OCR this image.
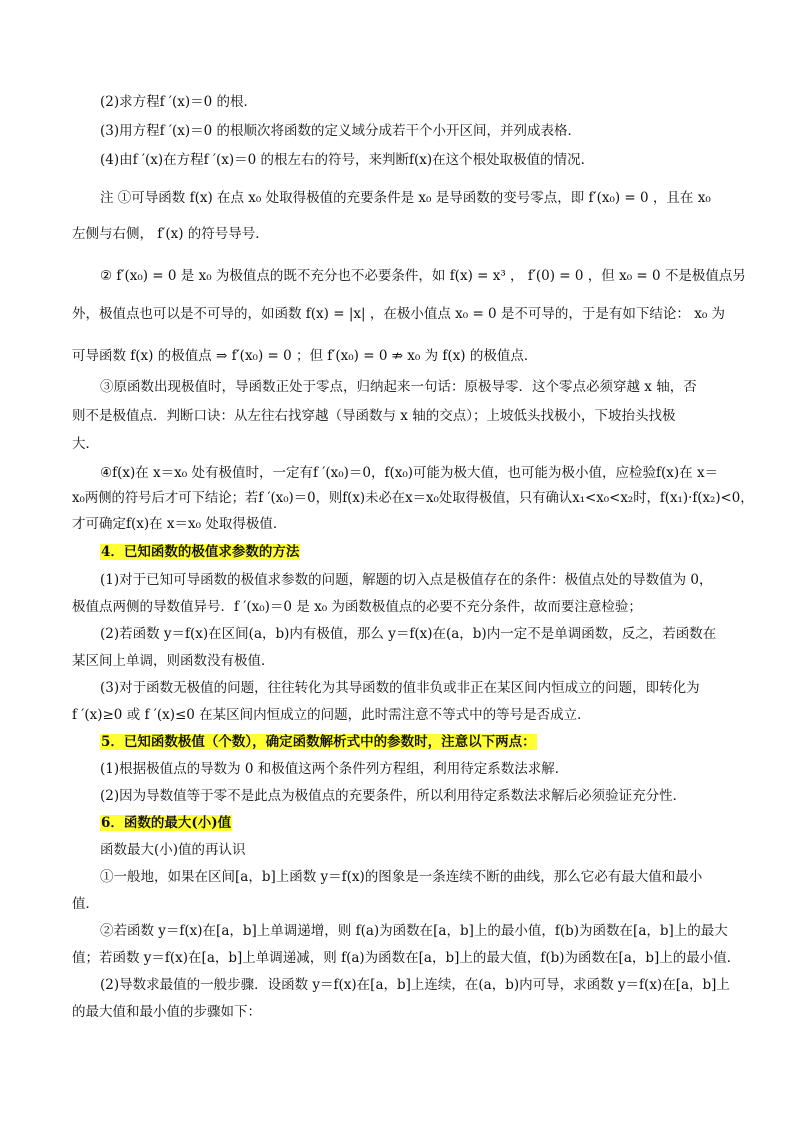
(2)求方程f ′(x)＝0 的根．
(3)用方程f ′(x)＝0 的根顺次将函数的定义域分成若干个小开区间，并列成表格．
(4)由f ′(x)在方程f ′(x)＝0 的根左右的符号，来判断f(x)在这个根处取极值的情况．
注 ①可导函数 f(x) 在点 x₀ 处取得极值的充要条件是 x₀ 是导函数的变号零点，即 f′(x₀) = 0 ，且在 x₀
左侧与右侧， f′(x) 的符号导号．
② f′(x₀) = 0 是 x₀ 为极值点的既不充分也不必要条件，如 f(x) = x³ ， f′(0) = 0 ，但 x₀ = 0 不是极值点另
外，极值点也可以是不可导的，如函数 f(x) = |x| ，在极小值点 x₀ = 0 是不可导的，于是有如下结论： x₀ 为
可导函数 f(x) 的极值点 ⇒ f′(x₀) = 0 ；但 f′(x₀) = 0 ⇏ x₀ 为 f(x) 的极值点．
③原函数出现极值时，导函数正处于零点，归纳起来一句话：原极导零．这个零点必须穿越 x 轴，否
则不是极值点．判断口诀：从左往右找穿越（导函数与 x 轴的交点）；上坡低头找极小，下坡抬头找极
大．
④f(x)在 x＝x₀ 处有极值时，一定有f ′(x₀)＝0，f(x₀)可能为极大值，也可能为极小值，应检验f(x)在 x＝
x₀两侧的符号后才可下结论；若f ′(x₀)＝0，则f(x)未必在x＝x₀处取得极值，只有确认x₁<x₀<x₂时，f(x₁)·f(x₂)<0，
才可确定f(x)在 x＝x₀ 处取得极值．
4．已知函数的极值求参数的方法
(1)对于已知可导函数的极值求参数的问题，解题的切入点是极值存在的条件：极值点处的导数值为 0，
极值点两侧的导数值异号．f ′(x₀)＝0 是 x₀ 为函数极值点的必要不充分条件，故而要注意检验；
(2)若函数 y＝f(x)在区间(a，b)内有极值，那么 y＝f(x)在(a，b)内一定不是单调函数，反之，若函数在
某区间上单调，则函数没有极值．
(3)对于函数无极值的问题，往往转化为其导函数的值非负或非正在某区间内恒成立的问题，即转化为
f ′(x)≥0 或 f ′(x)≤0 在某区间内恒成立的问题，此时需注意不等式中的等号是否成立．
5．已知函数极值（个数），确定函数解析式中的参数时，注意以下两点：
(1)根据极值点的导数为 0 和极值这两个条件列方程组，利用待定系数法求解．
(2)因为导数值等于零不是此点为极值点的充要条件，所以利用待定系数法求解后必须验证充分性．
6．函数的最大(小)值
函数最大(小)值的再认识
①一般地，如果在区间[a，b]上函数 y＝f(x)的图象是一条连续不断的曲线，那么它必有最大值和最小
值．
②若函数 y＝f(x)在[a，b]上单调递增，则 f(a)为函数在[a，b]上的最小值，f(b)为函数在[a，b]上的最大
值；若函数 y＝f(x)在[a，b]上单调递减，则 f(a)为函数在[a，b]上的最大值，f(b)为函数在[a，b]上的最小值．
(2)导数求最值的一般步骤．设函数 y＝f(x)在[a，b]上连续，在(a，b)内可导，求函数 y＝f(x)在[a，b]上
的最大值和最小值的步骤如下：
